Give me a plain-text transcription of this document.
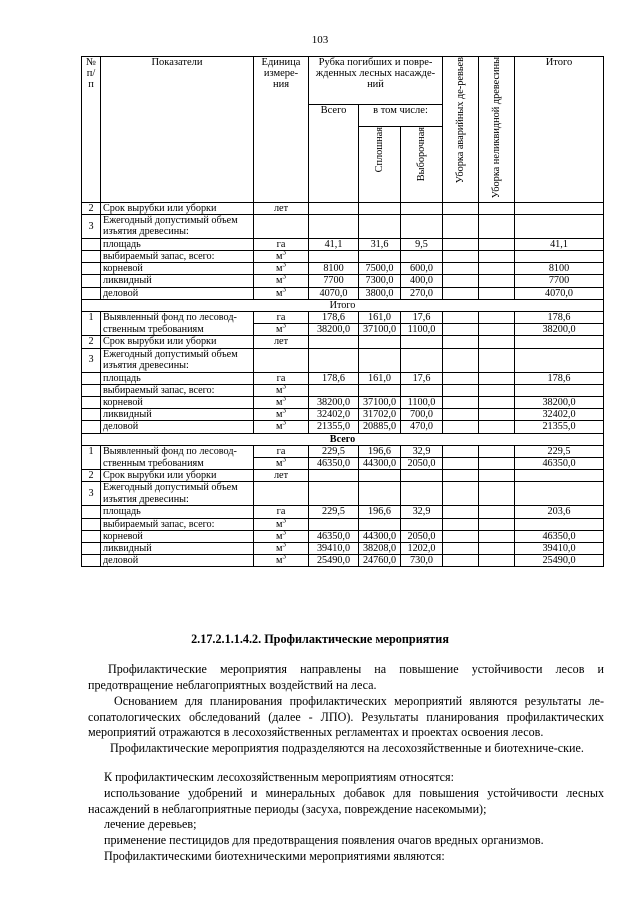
103
№ п/п	Показатели	Единица измере-ния	Рубка погибших и повре-жденных лесных насажде-ний			Уборка аварийных де-ревьев	Уборка неликвидной древесины	Итого
			Всего	в том числе:				
				Сплошная	Выборочная			
2	Срок вырубки или уборки	лет						
3	Ежегодный допустимый объем изъятия древесины:							
	площадь	га	41,1	31,6	9,5			41,1
	выбираемый запас, всего:	$м^3$						
	корневой	$м^3$	8100	7500,0	600,0			8100
	ликвидный	$м^3$	7700	7300,0	400,0			7700
	деловой	$м^3$	4070,0	3800,0	270,0			4070,0
Итого								
1	Выявленный фонд по лесовод-	га	178,6	161,0	17,6			178,6
	ственным требованиям	$м^3$	38200,0	37100,0	1100,0			38200,0
2	Срок вырубки или уборки	лет						
3	Ежегодный допустимый объем изъятия древесины:							
	площадь	га	178,6	161,0	17,6			178,6
	выбираемый запас, всего:	$м^3$						
	корневой	$м^3$	38200,0	37100,0	1100,0			38200,0
	ликвидный	$м^3$	32402,0	31702,0	700,0			32402,0
	деловой	$м^3$	21355,0	20885,0	470,0			21355,0
Всего								
1	Выявленный фонд по лесовод-	га	229,5	196,6	32,9			229,5
	ственным требованиям	$м^3$	46350,0	44300,0	2050,0			46350,0
2	Срок вырубки или уборки	лет						
3	Ежегодный допустимый объем изъятия древесины:							
	площадь	га	229,5	196,6	32,9			203,6
	выбираемый запас, всего:	$м^3$						
	корневой	$м^3$	46350,0	44300,0	2050,0			46350,0
	ликвидный	$м^3$	39410,0	38208,0	1202,0			39410,0
	деловой	$м^3$	25490,0	24760,0	730,0			25490,0
2.17.2.1.1.4.2. Профилактические мероприятия

Профилактические мероприятия направлены на повышение устойчивости лесов и предотвращение неблагоприятных воздействий на леса.

Основанием для планирования профилактических мероприятий являются результаты ле-сопатологических обследований (далее - ЛПО). Результаты планирования профилактических мероприятий отражаются в лесохозяйственных регламентах и проектах освоения лесов.

Профилактические мероприятия подразделяются на лесохозяйственные и биотехниче-ские.

К профилактическим лесохозяйственным мероприятиям относятся:

использование удобрений и минеральных добавок для повышения устойчивости лесных насаждений в неблагоприятные периоды (засуха, повреждение насекомыми);

лечение деревьев;

применение пестицидов для предотвращения появления очагов вредных организмов.

Профилактическими биотехническими мероприятиями являются:
